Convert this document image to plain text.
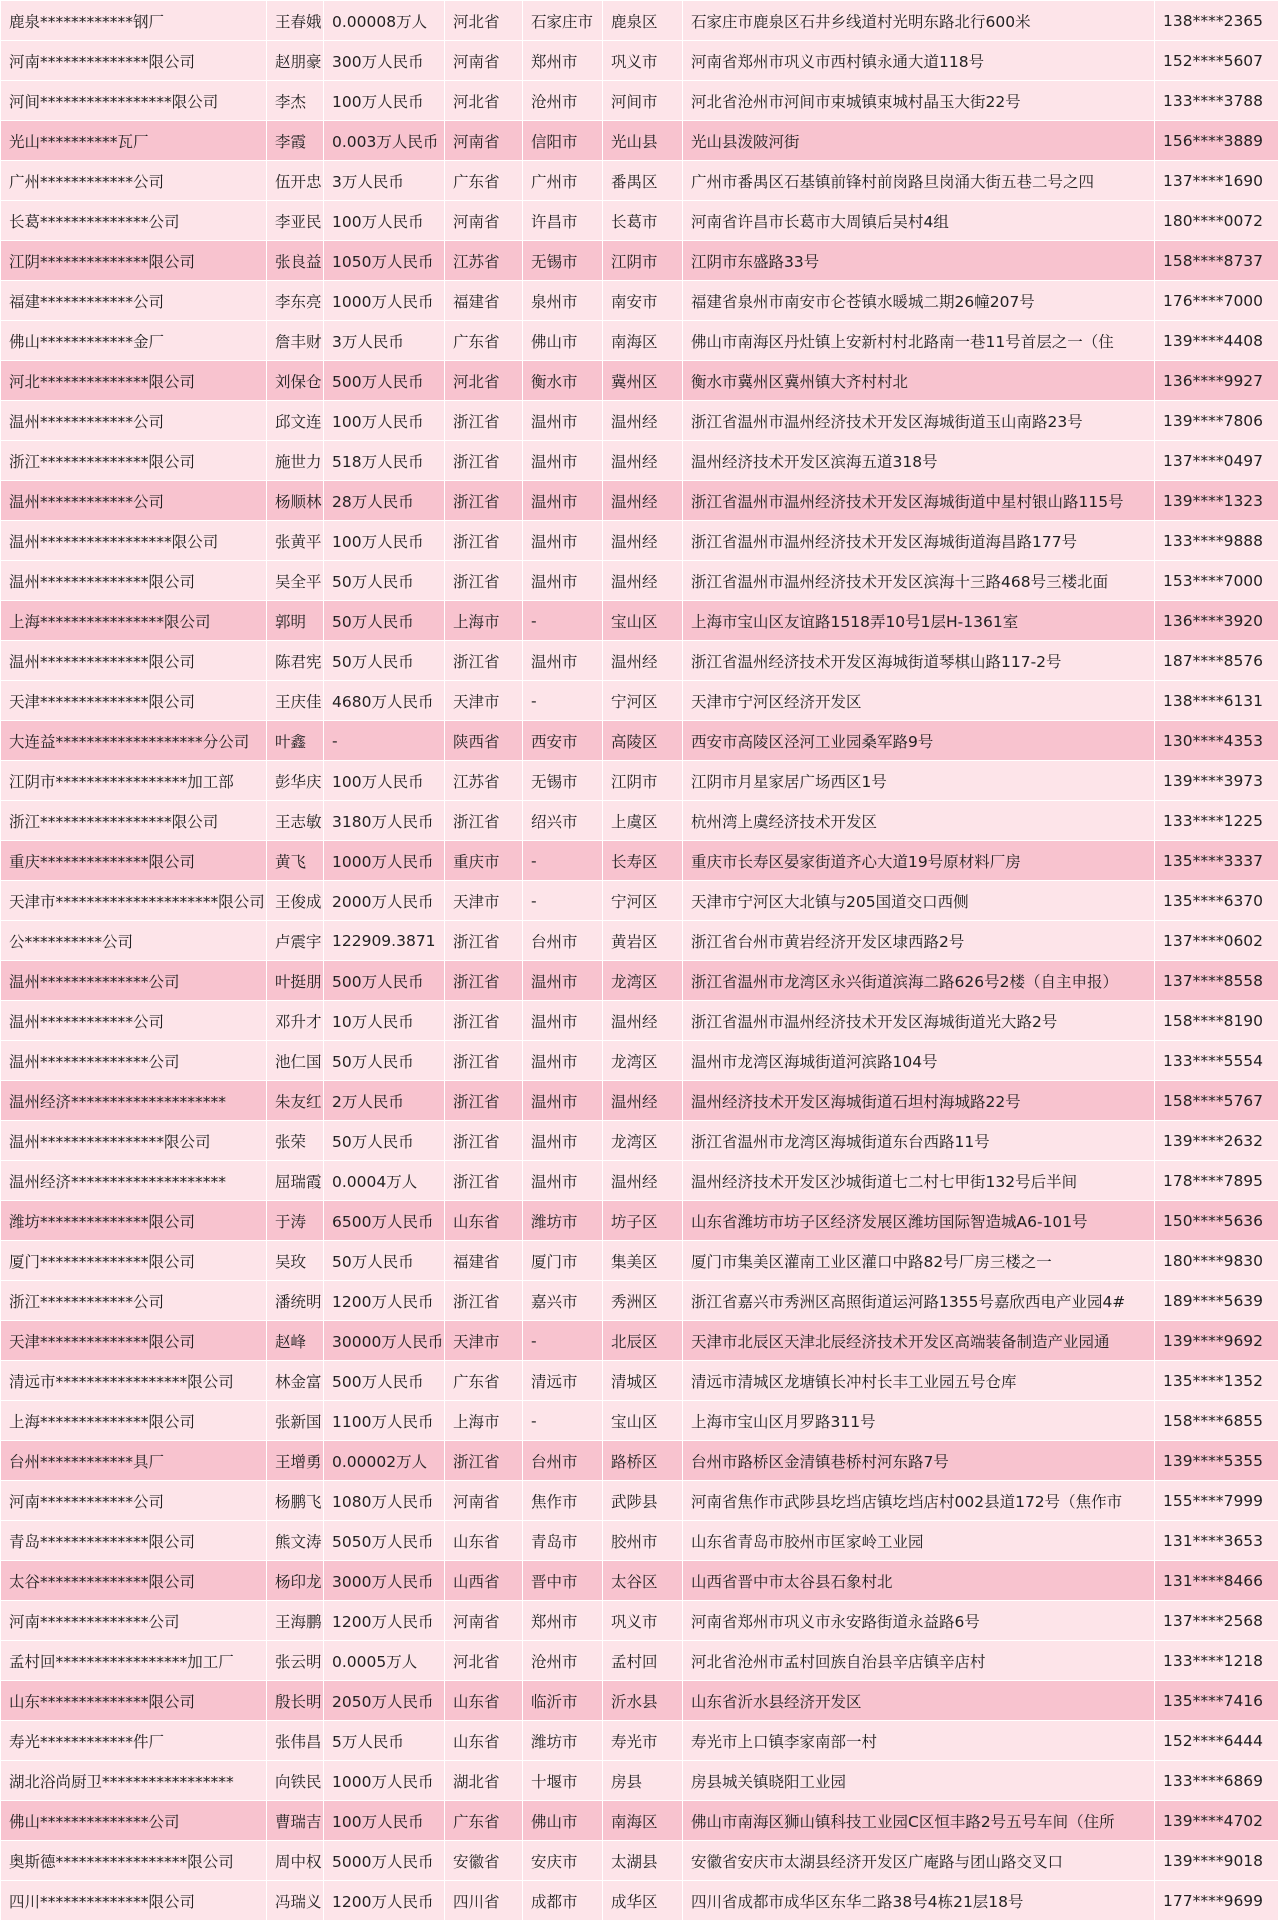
鹿泉************钢厂	王春娥	0.00008万人	河北省	石家庄市	鹿泉区	石家庄市鹿泉区石井乡线道村光明东路北行600米	138****2365
河南**************限公司	赵朋豪	300万人民币	河南省	郑州市	巩义市	河南省郑州市巩义市西村镇永通大道118号	152****5607
河间*****************限公司	李杰	100万人民币	河北省	沧州市	河间市	河北省沧州市河间市束城镇束城村晶玉大街22号	133****3788
光山**********瓦厂	李霞	0.003万人民币	河南省	信阳市	光山县	光山县泼陂河街	156****3889
广州************公司	伍开忠	3万人民币	广东省	广州市	番禺区	广州市番禺区石基镇前锋村前岗路旦岗涌大街五巷二号之四	137****1690
长葛**************公司	李亚民	100万人民币	河南省	许昌市	长葛市	河南省许昌市长葛市大周镇后吴村4组	180****0072
江阴**************限公司	张良益	1050万人民币	江苏省	无锡市	江阴市	江阴市东盛路33号	158****8737
福建************公司	李东亮	1000万人民币	福建省	泉州市	南安市	福建省泉州市南安市仑苍镇水暖城二期26幢207号	176****7000
佛山************金厂	詹丰财	3万人民币	广东省	佛山市	南海区	佛山市南海区丹灶镇上安新村村北路南一巷11号首层之一（住	139****4408
河北**************限公司	刘保仓	500万人民币	河北省	衡水市	冀州区	衡水市冀州区冀州镇大齐村村北	136****9927
温州************公司	邱文连	100万人民币	浙江省	温州市	温州经	浙江省温州市温州经济技术开发区海城街道玉山南路23号	139****7806
浙江**************限公司	施世力	518万人民币	浙江省	温州市	温州经	温州经济技术开发区滨海五道318号	137****0497
温州************公司	杨顺林	28万人民币	浙江省	温州市	温州经	浙江省温州市温州经济技术开发区海城街道中星村银山路115号	139****1323
温州*****************限公司	张黄平	100万人民币	浙江省	温州市	温州经	浙江省温州市温州经济技术开发区海城街道海昌路177号	133****9888
温州**************限公司	吴全平	50万人民币	浙江省	温州市	温州经	浙江省温州市温州经济技术开发区滨海十三路468号三楼北面	153****7000
上海****************限公司	郭明	50万人民币	上海市	-	宝山区	上海市宝山区友谊路1518弄10号1层H-1361室	136****3920
温州**************限公司	陈君宪	50万人民币	浙江省	温州市	温州经	浙江省温州经济技术开发区海城街道琴棋山路117-2号	187****8576
天津**************限公司	王庆佳	4680万人民币	天津市	-	宁河区	天津市宁河区经济开发区	138****6131
大连益*******************分公司	叶鑫	-	陕西省	西安市	高陵区	西安市高陵区泾河工业园桑军路9号	130****4353
江阴市*****************加工部	彭华庆	100万人民币	江苏省	无锡市	江阴市	江阴市月星家居广场西区1号	139****3973
浙江*****************限公司	王志敏	3180万人民币	浙江省	绍兴市	上虞区	杭州湾上虞经济技术开发区	133****1225
重庆**************限公司	黄飞	1000万人民币	重庆市	-	长寿区	重庆市长寿区晏家街道齐心大道19号原材料厂房	135****3337
天津市*********************限公司	王俊成	2000万人民币	天津市	-	宁河区	天津市宁河区大北镇与205国道交口西侧	135****6370
公**********公司	卢震宇	122909.3871	浙江省	台州市	黄岩区	浙江省台州市黄岩经济开发区埭西路2号	137****0602
温州**************公司	叶挺朋	500万人民币	浙江省	温州市	龙湾区	浙江省温州市龙湾区永兴街道滨海二路626号2楼（自主申报）	137****8558
温州************公司	邓升才	10万人民币	浙江省	温州市	温州经	浙江省温州市温州经济技术开发区海城街道光大路2号	158****8190
温州**************公司	池仁国	50万人民币	浙江省	温州市	龙湾区	温州市龙湾区海城街道河滨路104号	133****5554
温州经济********************	朱友红	2万人民币	浙江省	温州市	温州经	温州经济技术开发区海城街道石坦村海城路22号	158****5767
温州****************限公司	张荣	50万人民币	浙江省	温州市	龙湾区	浙江省温州市龙湾区海城街道东台西路11号	139****2632
温州经济********************	屈瑞霞	0.0004万人	浙江省	温州市	温州经	温州经济技术开发区沙城街道七二村七甲街132号后半间	178****7895
潍坊**************限公司	于涛	6500万人民币	山东省	潍坊市	坊子区	山东省潍坊市坊子区经济发展区潍坊国际智造城A6-101号	150****5636
厦门**************限公司	吴玫	50万人民币	福建省	厦门市	集美区	厦门市集美区灌南工业区灌口中路82号厂房三楼之一	180****9830
浙江************公司	潘统明	1200万人民币	浙江省	嘉兴市	秀洲区	浙江省嘉兴市秀洲区高照街道运河路1355号嘉欣西电产业园4#	189****5639
天津**************限公司	赵峰	30000万人民币	天津市	-	北辰区	天津市北辰区天津北辰经济技术开发区高端装备制造产业园通	139****9692
清远市*****************限公司	林金富	500万人民币	广东省	清远市	清城区	清远市清城区龙塘镇长冲村长丰工业园五号仓库	135****1352
上海**************限公司	张新国	1100万人民币	上海市	-	宝山区	上海市宝山区月罗路311号	158****6855
台州************具厂	王增勇	0.00002万人	浙江省	台州市	路桥区	台州市路桥区金清镇巷桥村河东路7号	139****5355
河南************公司	杨鹏飞	1080万人民币	河南省	焦作市	武陟县	河南省焦作市武陟县圪垱店镇圪垱店村002县道172号（焦作市	155****7999
青岛**************限公司	熊文涛	5050万人民币	山东省	青岛市	胶州市	山东省青岛市胶州市匡家岭工业园	131****3653
太谷**************限公司	杨印龙	3000万人民币	山西省	晋中市	太谷区	山西省晋中市太谷县石象村北	131****8466
河南**************公司	王海鹏	1200万人民币	河南省	郑州市	巩义市	河南省郑州市巩义市永安路街道永益路6号	137****2568
孟村回*****************加工厂	张云明	0.0005万人	河北省	沧州市	孟村回	河北省沧州市孟村回族自治县辛店镇辛店村	133****1218
山东**************限公司	殷长明	2050万人民币	山东省	临沂市	沂水县	山东省沂水县经济开发区	135****7416
寿光************件厂	张伟昌	5万人民币	山东省	潍坊市	寿光市	寿光市上口镇李家南部一村	152****6444
湖北浴尚厨卫*****************	向铁民	1000万人民币	湖北省	十堰市	房县	房县城关镇晓阳工业园	133****6869
佛山**************公司	曹瑞吉	100万人民币	广东省	佛山市	南海区	佛山市南海区狮山镇科技工业园C区恒丰路2号五号车间（住所	139****4702
奥斯德*****************限公司	周中权	5000万人民币	安徽省	安庆市	太湖县	安徽省安庆市太湖县经济开发区广庵路与团山路交叉口	139****9018
四川**************限公司	冯瑞义	1200万人民币	四川省	成都市	成华区	四川省成都市成华区东华二路38号4栋21层18号	177****9699
